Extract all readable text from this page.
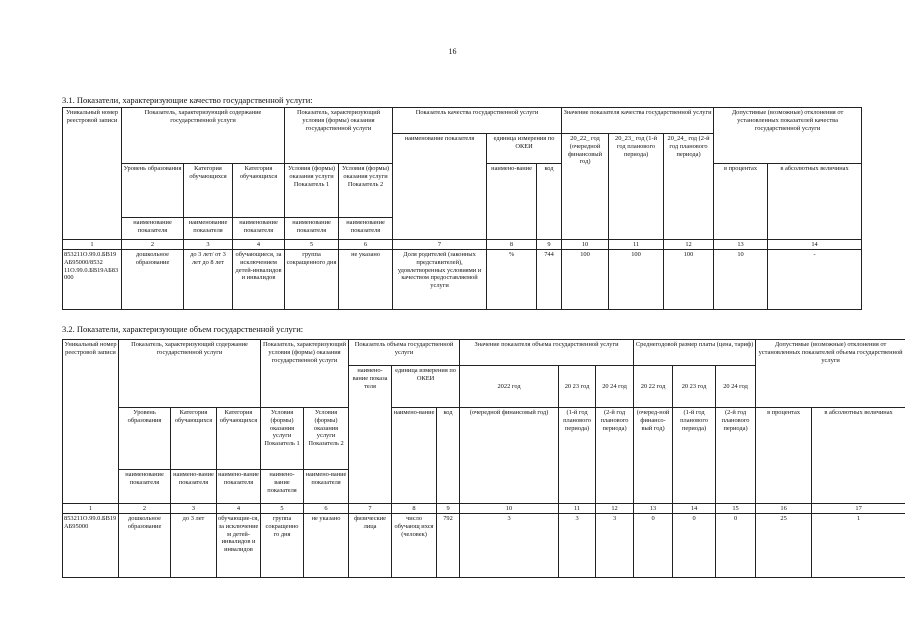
16
3.1. Показатели, характеризующие качество государственной услуги:
Уникальный номер реестровой записи	Показатель, характеризующий содержание государственной услуги			Показатель, характеризующий условия (формы) оказания государственной услуги		Показатель качества государственной услуги			Значение показателя качества государственной услуги			Допустимые (возможные) отклонения от установленных показателей качества государственной услуги	
						наименование показателя	единица измерения по ОКЕИ		20_22_ год (очередной финансовый год)	20_23_ год (1-й год планового периода)	20_24_ год (2-й год планового периода)		
	Уровень образования	Категория обучающихся	Категория обучающихся	Условия (формы) оказания услуги Показатель 1	Условия (формы) оказания услуги Показатель 2		наимено-вание	код				в процентах	в абсолютных величинах
	наименование показателя	наименование показателя	наименование показателя	наименование показателя	наименование показателя								
1	2	3	4	5	6	7	8	9	10	11	12	13	14
853211О.99.0.БВ19АБ95000/8532 11О.99.0.БВ19АБ83000	дошкольное образование	до 3 лет/ от 3 лет до 8 лет	обучающиеся, за исключением детей-инвалидов и инвалидов	группа сокращенного дня	не указано	Доля родителей (законных представителей), удовлетворенных условиями и качеством предоставляемой услуги	%	744	100	100	100	10	-
3.2. Показатели, характеризующие объем государственной услуги:
Уникальный номер реестровой записи	Показатель, характеризующий содержание государственной услуги			Показатель, характеризующий условия (формы) оказания государственной услуги		Показатель объема государственной услуги			Значение показателя объема государственной услуги			Среднегодовой размер платы (цена, тариф)			Допустимые (возможные) отклонения от установленных показателей объема государственной услуги	
						наимено-вание показа теля	единица измерения по ОКЕИ		2022 год	20 23 год	20 24 год	20 22 год	20 23 год	20 24 год		
	Уровень образования	Категория обучающихся	Категория обучающихся	Условия (формы) оказания услуги Показатель 1	Условия (формы) оказания услуги Показатель 2		наимено-вание	код	(очередной финансовый год)	(1-й год планового периода)	(2-й год планового периода)	(очеред-ной финансо-вый год)	(1-й год планового периода)	(2-й год планового периода)	в процентах	в абсолютных величинах
	наименование показателя	наимено-вание показателя	наимено-вание показателя	наимено-вание показателя	наимено-вание показателя											
1	2	3	4	5	6	7	8	9	10	11	12	13	14	15	16	17
853211О.99.0.БВ19АБ95000	дошкольное образование	до 3 лет	обучающие-ся, за исключение м детей-инвалидов и инвалидов	группа сокращенно го дня	не указано	физические лица	число обучающ ихся (человек)	792	3	3	3	0	0	0	25	1
